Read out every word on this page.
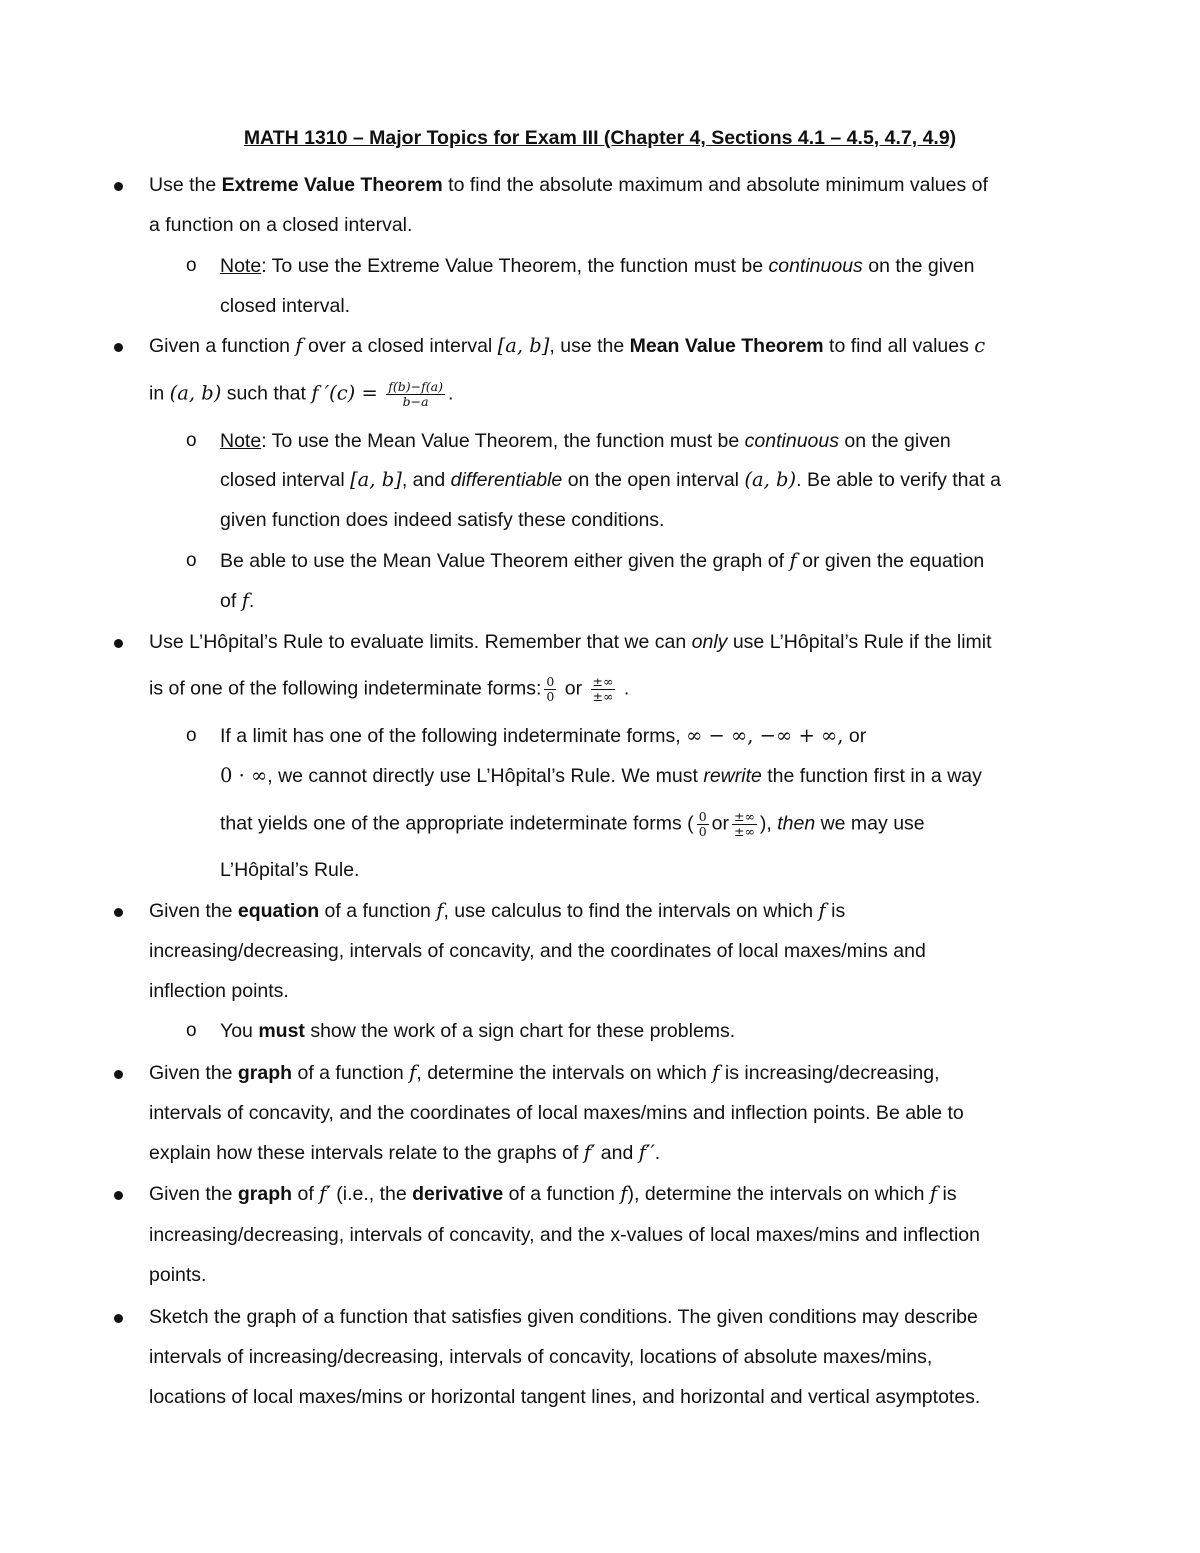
MATH 1310 – Major Topics for Exam III (Chapter 4, Sections 4.1 – 4.5, 4.7, 4.9)
Use the Extreme Value Theorem to find the absolute maximum and absolute minimum values of
a function on a closed interval.
o Note: To use the Extreme Value Theorem, the function must be continuous on the given
closed interval.
Given a function f over a closed interval [a, b], use the Mean Value Theorem to find all values c
in (a, b) such that f $'(c) = \frac{f(b)-f(a)}{b-a}$ .
o Note: To use the Mean Value Theorem, the function must be continuous on the given
closed interval [a, b], and differentiable on the open interval (a, b). Be able to verify that a
given function does indeed satisfy these conditions.
o Be able to use the Mean Value Theorem either given the graph of f or given the equation
of f.
Use L’Hôpital’s Rule to evaluate limits. Remember that we can only use L’Hôpital’s Rule if the limit
is of one of the following indeterminate forms: $\frac{0}{0}$ or $\frac{\pm\infty}{\pm\infty}$ .
o If a limit has one of the following indeterminate forms, ∞ − ∞, −∞ + ∞, or
0 · ∞, we cannot directly use L’Hôpital’s Rule. We must rewrite the function first in a way
that yields one of the appropriate indeterminate forms ( $\frac{0}{0}$ or $\frac{\pm\infty}{\pm\infty}$ ), then we may use
L’Hôpital’s Rule.
Given the equation of a function f, use calculus to find the intervals on which f is
increasing/decreasing, intervals of concavity, and the coordinates of local maxes/mins and
inflection points.
o You must show the work of a sign chart for these problems.
Given the graph of a function f, determine the intervals on which f is increasing/decreasing,
intervals of concavity, and the coordinates of local maxes/mins and inflection points. Be able to
explain how these intervals relate to the graphs of f′ and f′′.
Given the graph of f′ (i.e., the derivative of a function f), determine the intervals on which f is
increasing/decreasing, intervals of concavity, and the x-values of local maxes/mins and inflection
points.
Sketch the graph of a function that satisfies given conditions. The given conditions may describe
intervals of increasing/decreasing, intervals of concavity, locations of absolute maxes/mins,
locations of local maxes/mins or horizontal tangent lines, and horizontal and vertical asymptotes.
